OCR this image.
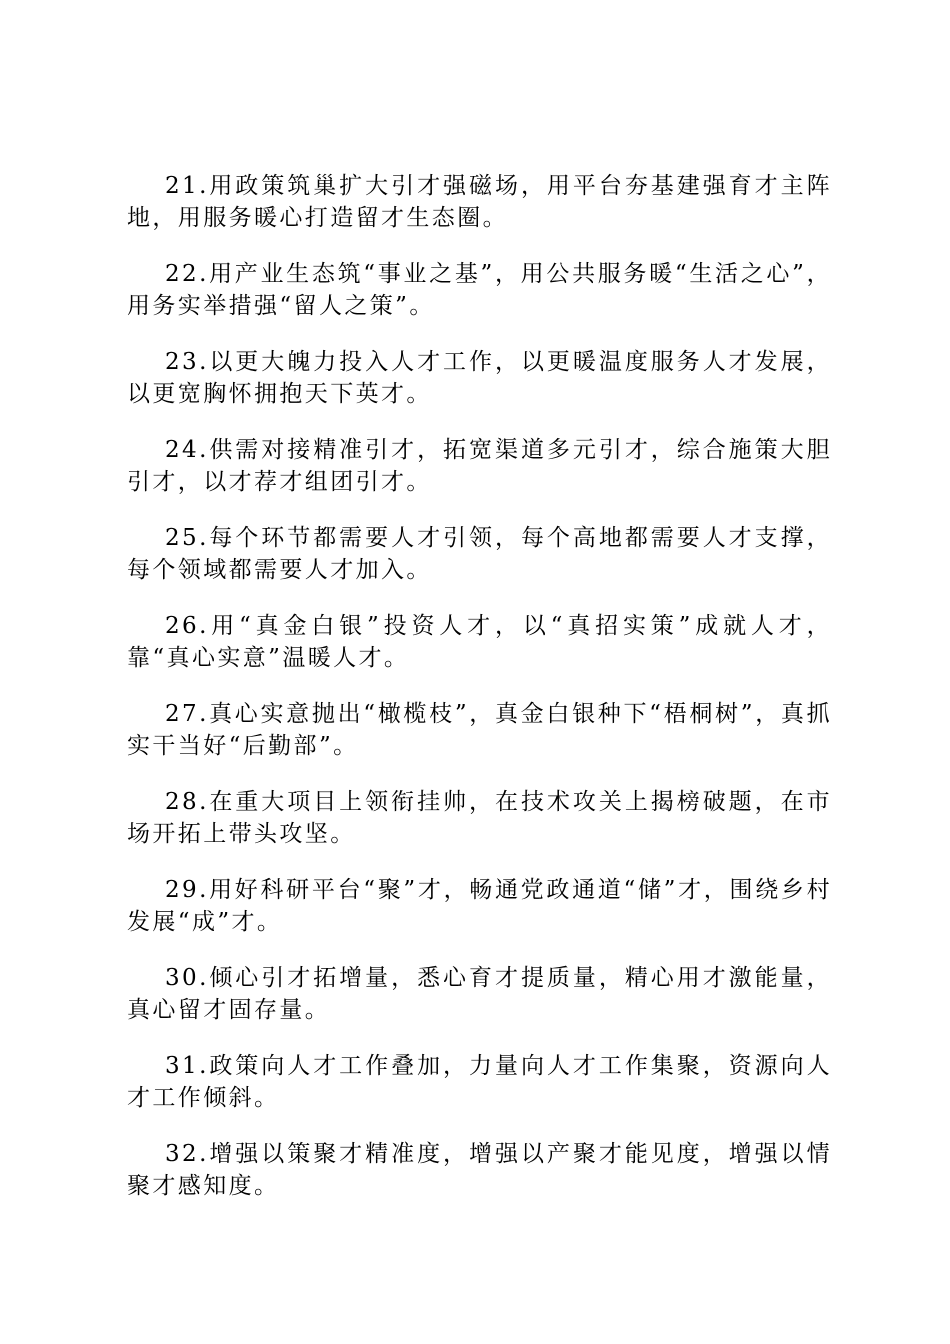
21.用政策筑巢扩大引才强磁场，用平台夯基建强育才主阵地，用服务暖心打造留才生态圈。

22.用产业生态筑“事业之基”，用公共服务暖“生活之心”，用务实举措强“留人之策”。

23.以更大魄力投入人才工作，以更暖温度服务人才发展，以更宽胸怀拥抱天下英才。

24.供需对接精准引才，拓宽渠道多元引才，综合施策大胆引才，以才荐才组团引才。

25.每个环节都需要人才引领，每个高地都需要人才支撑，每个领域都需要人才加入。

26.用“真金白银”投资人才，以“真招实策”成就人才，靠“真心实意”温暖人才。

27.真心实意抛出“橄榄枝”，真金白银种下“梧桐树”，真抓实干当好“后勤部”。

28.在重大项目上领衔挂帅，在技术攻关上揭榜破题，在市场开拓上带头攻坚。

29.用好科研平台“聚”才，畅通党政通道“储”才，围绕乡村发展“成”才。

30.倾心引才拓增量，悉心育才提质量，精心用才激能量，真心留才固存量。

31.政策向人才工作叠加，力量向人才工作集聚，资源向人才工作倾斜。

32.增强以策聚才精准度，增强以产聚才能见度，增强以情聚才感知度。
